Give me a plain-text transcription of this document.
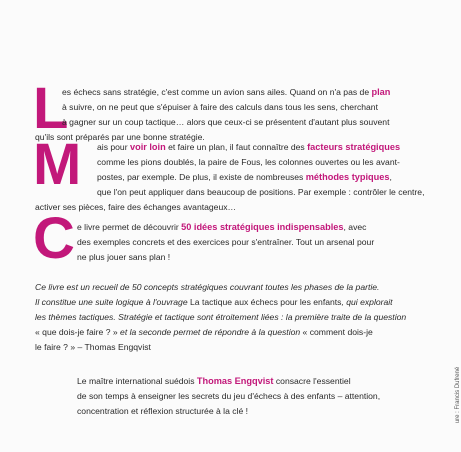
L
M
C
es échecs sans stratégie, c'est comme un avion sans ailes. Quand on n'a pas de plan
à suivre, on ne peut que s'épuiser à faire des calculs dans tous les sens, cherchant
à gagner sur un coup tactique… alors que ceux-ci se présentent d'autant plus souvent
qu'ils sont préparés par une bonne stratégie.
ais pour voir loin et faire un plan, il faut connaître des facteurs stratégiques
comme les pions doublés, la paire de Fous, les colonnes ouvertes ou les avant-
postes, par exemple. De plus, il existe de nombreuses méthodes typiques,
que l'on peut appliquer dans beaucoup de positions. Par exemple : contrôler le centre,
activer ses pièces, faire des échanges avantageux…
e livre permet de découvrir 50 idées stratégiques indispensables, avec
des exemples concrets et des exercices pour s'entraîner. Tout un arsenal pour
ne plus jouer sans plan !
Ce livre est un recueil de 50 concepts stratégiques couvrant toutes les phases de la partie.
Il constitue une suite logique à l'ouvrage La tactique aux échecs pour les enfants, qui explorait
les thèmes tactiques. Stratégie et tactique sont étroitement liées : la première traite de la question
« que dois-je faire ? » et la seconde permet de répondre à la question « comment dois-je
le faire ? » – Thomas Engqvist
Le maître international suédois Thomas Engqvist consacre l'essentiel
de son temps à enseigner les secrets du jeu d'échecs à des enfants – attention,
concentration et réflexion structurée à la clé !	ure : Francis Dufrené
